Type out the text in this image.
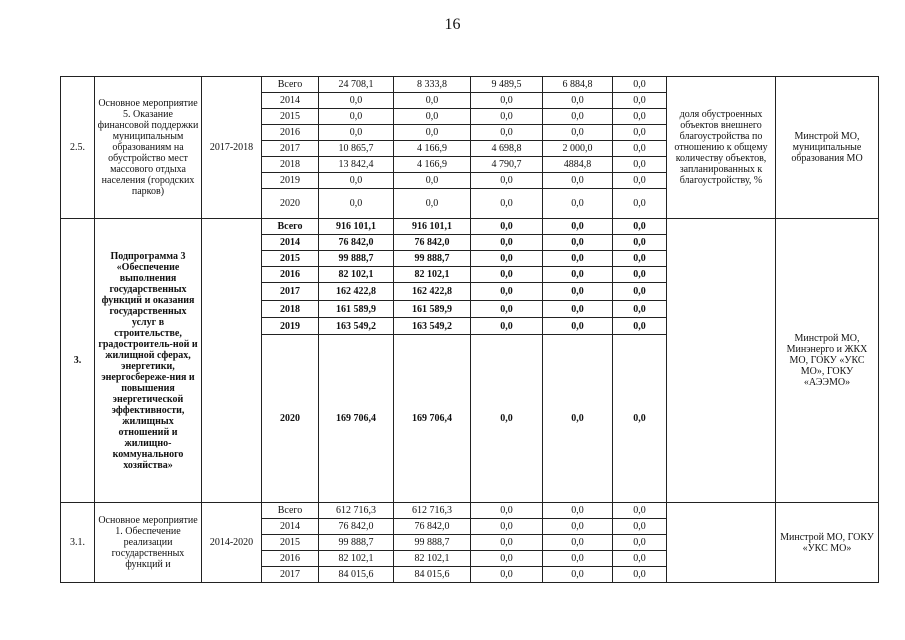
16
2.5.	Основное мероприятие 5. Оказание финансовой поддержки муниципальным образованиям на обустройство мест массового отдыха населения (городских парков)	2017-2018	Всего	24 708,1	8 333,8	9 489,5	6 884,8	0,0	доля обустроенных объектов внешнего благоустройства по отношению к общему количеству объектов, запланированных к благоустройству, %	Минстрой МО, муниципальные образования МО
			2014	0,0	0,0	0,0	0,0	0,0		
			2015	0,0	0,0	0,0	0,0	0,0		
			2016	0,0	0,0	0,0	0,0	0,0		
			2017	10 865,7	4 166,9	4 698,8	2 000,0	0,0		
			2018	13 842,4	4 166,9	4 790,7	4884,8	0,0		
			2019	0,0	0,0	0,0	0,0	0,0		
			2020	0,0	0,0	0,0	0,0	0,0		
3.	Подпрограмма 3 «Обеспечение выполнения государственных функций и оказания государственных услуг в строительстве, градостроитель-ной и жилищной сферах, энергетики, энергосбереже-ния и повышения энергетической эффективности, жилищных отношений и жилищно-коммунального хозяйства»		Всего	916 101,1	916 101,1	0,0	0,0	0,0		Минстрой МО, Минэнерго и ЖКХ МО, ГОКУ «УКС МО», ГОКУ «АЭЭМО»
			2014	76 842,0	76 842,0	0,0	0,0	0,0		
			2015	99 888,7	99 888,7	0,0	0,0	0,0		
			2016	82 102,1	82 102,1	0,0	0,0	0,0		
			2017	162 422,8	162 422,8	0,0	0,0	0,0		
			2018	161 589,9	161 589,9	0,0	0,0	0,0		
			2019	163 549,2	163 549,2	0,0	0,0	0,0		
			2020	169 706,4	169 706,4	0,0	0,0	0,0		
3.1.	Основное мероприятие 1. Обеспечение реализации государственных функций и	2014-2020	Всего	612 716,3	612 716,3	0,0	0,0	0,0		Минстрой МО, ГОКУ «УКС МО»
			2014	76 842,0	76 842,0	0,0	0,0	0,0		
			2015	99 888,7	99 888,7	0,0	0,0	0,0		
			2016	82 102,1	82 102,1	0,0	0,0	0,0		
			2017	84 015,6	84 015,6	0,0	0,0	0,0		
